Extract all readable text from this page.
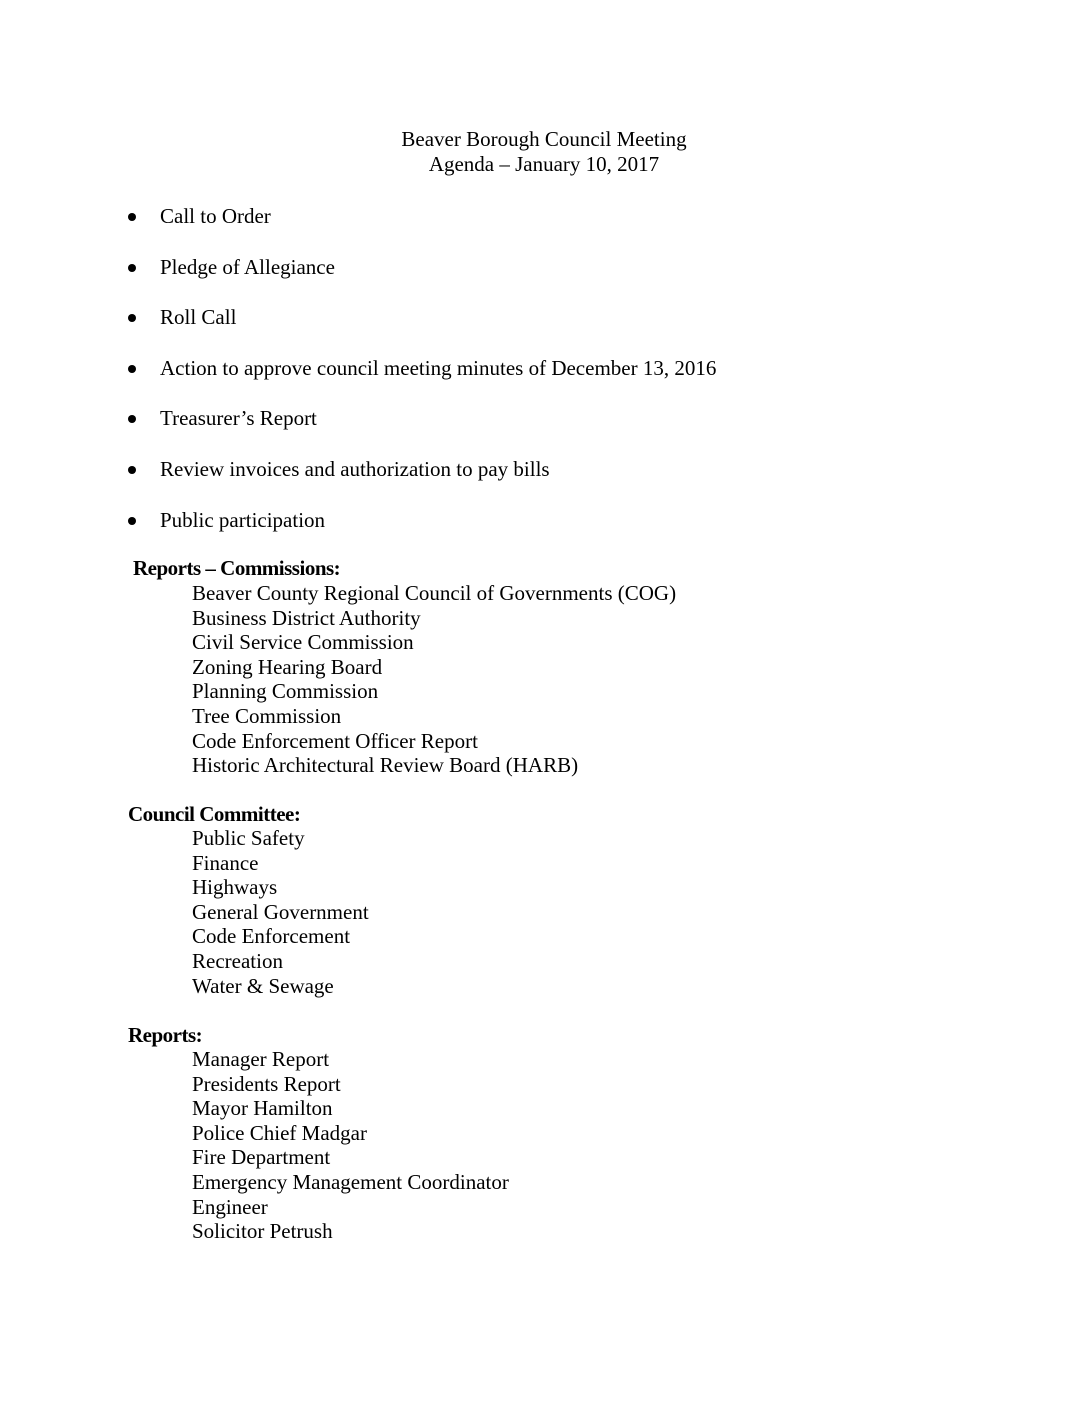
Beaver Borough Council Meeting
Agenda – January 10, 2017
Call to Order
Pledge of Allegiance
Roll Call
Action to approve council meeting minutes of December 13, 2016
Treasurer’s Report
Review invoices and authorization to pay bills
Public participation
Reports – Commissions:
Beaver County Regional Council of Governments (COG)
Business District Authority
Civil Service Commission
Zoning Hearing Board
Planning Commission
Tree Commission
Code Enforcement Officer Report
Historic Architectural Review Board (HARB)
Council Committee:
Public Safety
Finance
Highways
General Government
Code Enforcement
Recreation
Water & Sewage
Reports:
Manager Report
Presidents Report
Mayor Hamilton
Police Chief Madgar
Fire Department
Emergency Management Coordinator
Engineer
Solicitor Petrush
